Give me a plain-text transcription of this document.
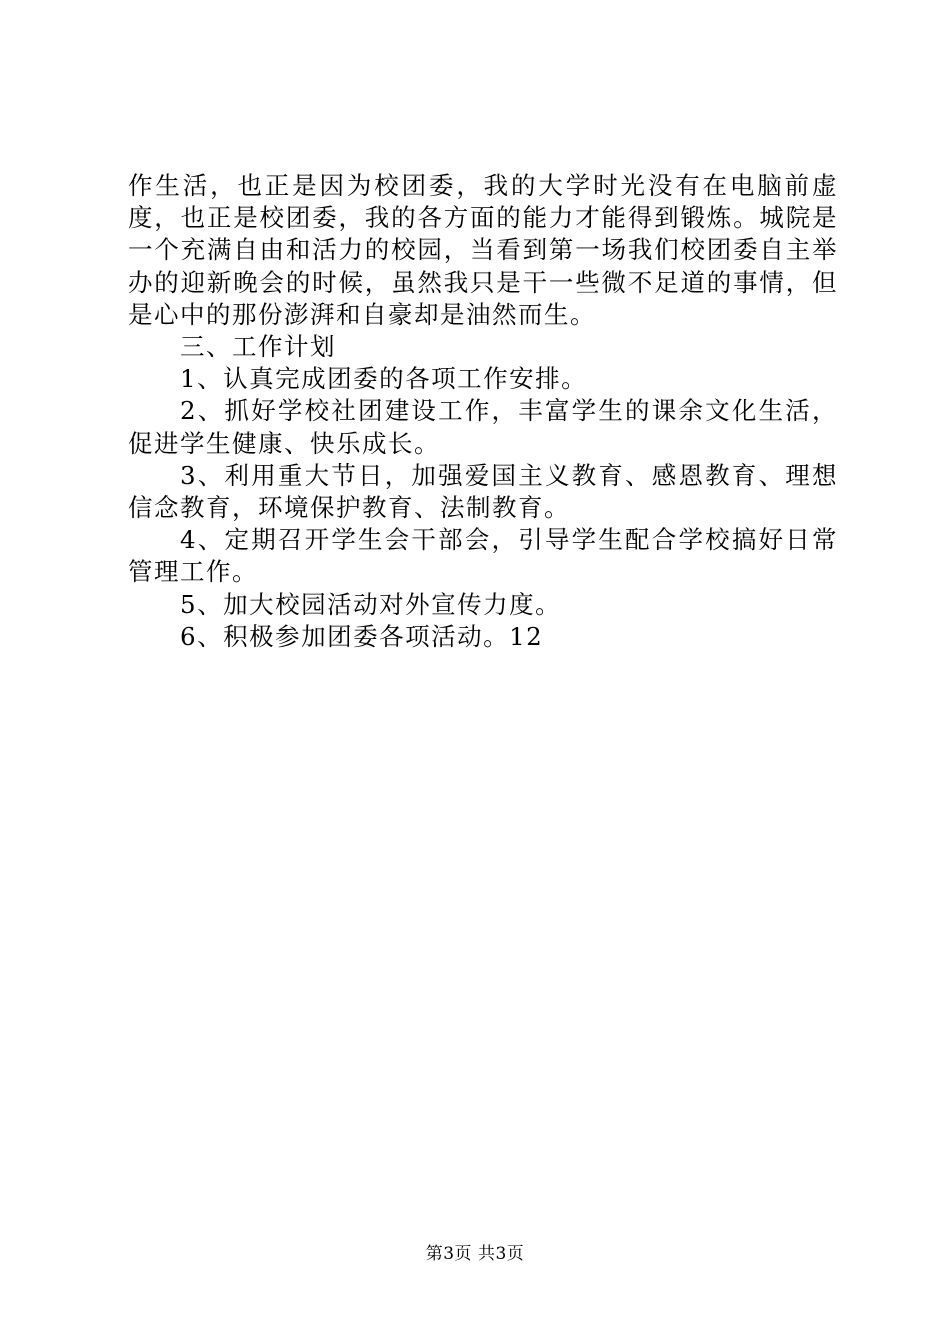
作生活，也正是因为校团委，我的大学时光没有在电脑前虚度，也正是校团委，我的各方面的能力才能得到锻炼。城院是一个充满自由和活力的校园，当看到第一场我们校团委自主举办的迎新晚会的时候，虽然我只是干一些微不足道的事情，但是心中的那份澎湃和自豪却是油然而生。

三、工作计划

1、认真完成团委的各项工作安排。

2、抓好学校社团建设工作，丰富学生的课余文化生活，促进学生健康、快乐成长。

3、利用重大节日，加强爱国主义教育、感恩教育、理想信念教育，环境保护教育、法制教育。

4、定期召开学生会干部会，引导学生配合学校搞好日常管理工作。

5、加大校园活动对外宣传力度。

6、积极参加团委各项活动。12

第3页 共3页
